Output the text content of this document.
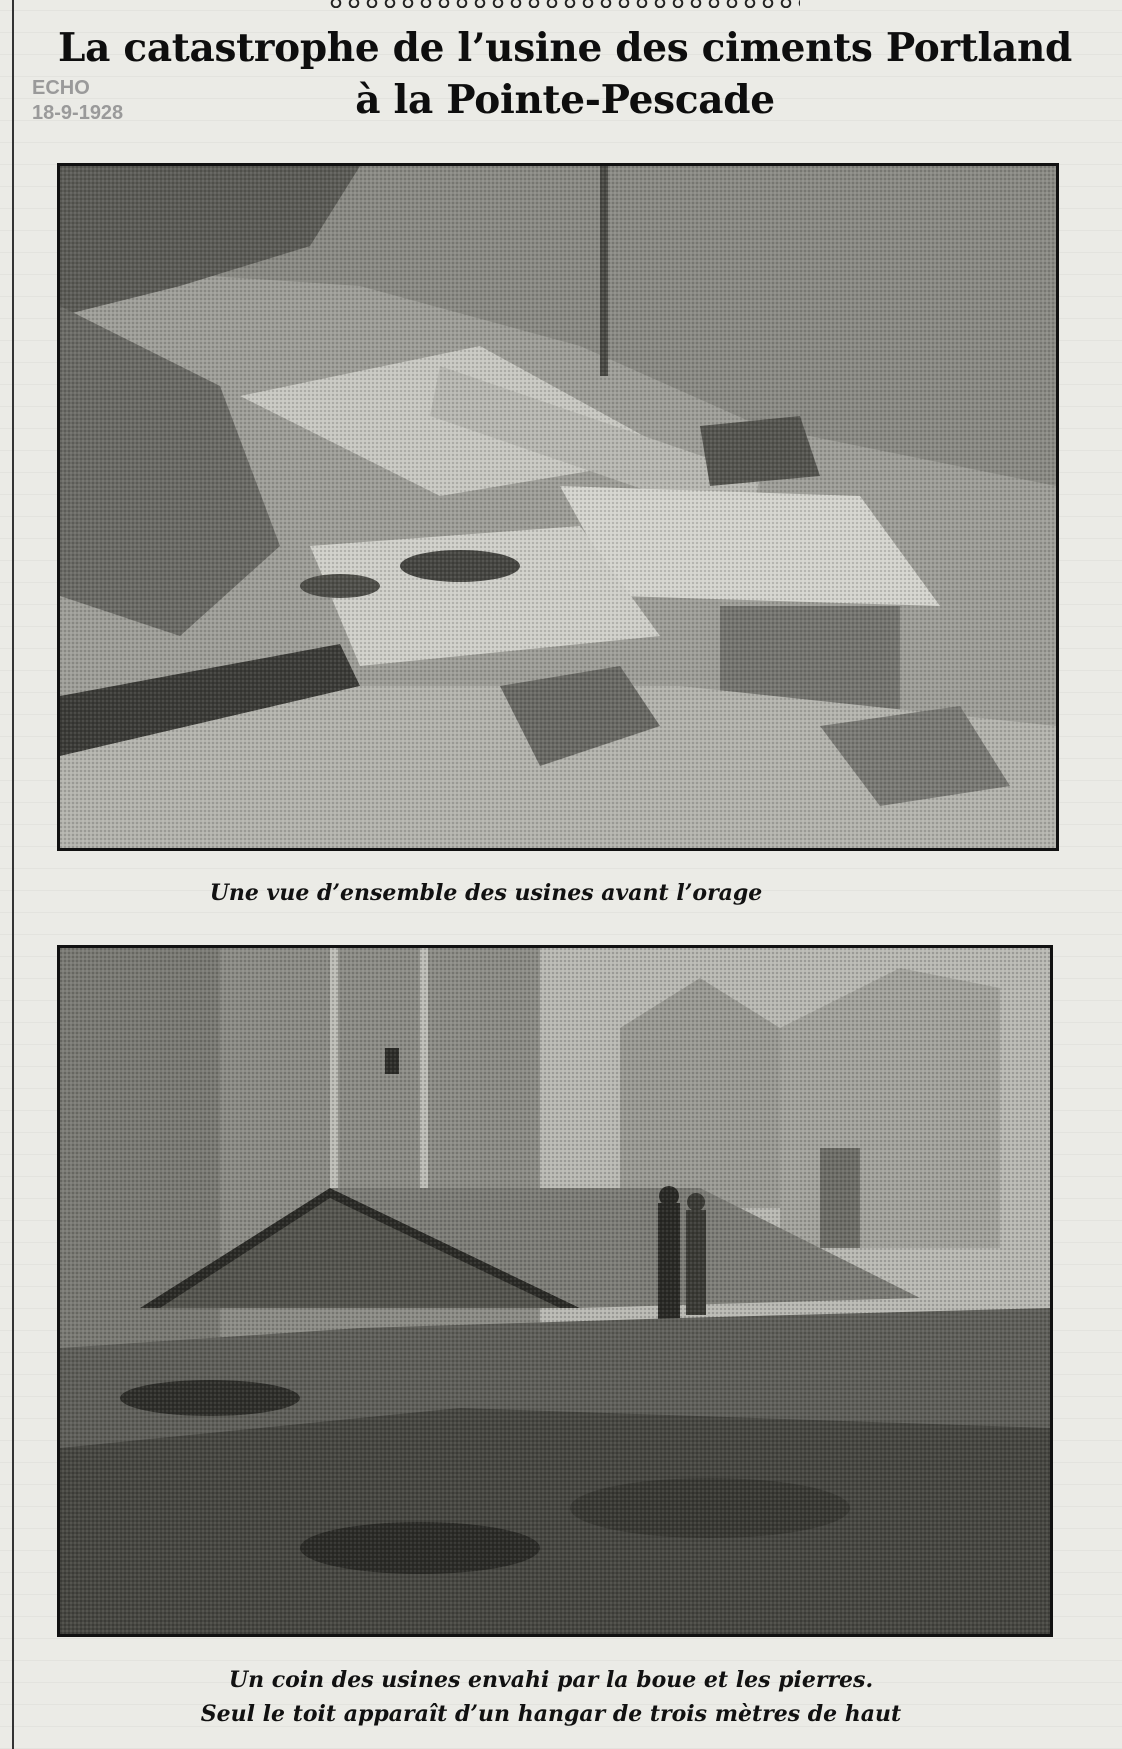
La catastrophe de l’usine des ciments Portland
à la Pointe-Pescade
ECHO
18-9-1928
Une vue d’ensemble des usines avant l’orage
Un coin des usines envahi par la boue et les pierres.
Seul le toit apparaît d’un hangar de trois mètres de haut
